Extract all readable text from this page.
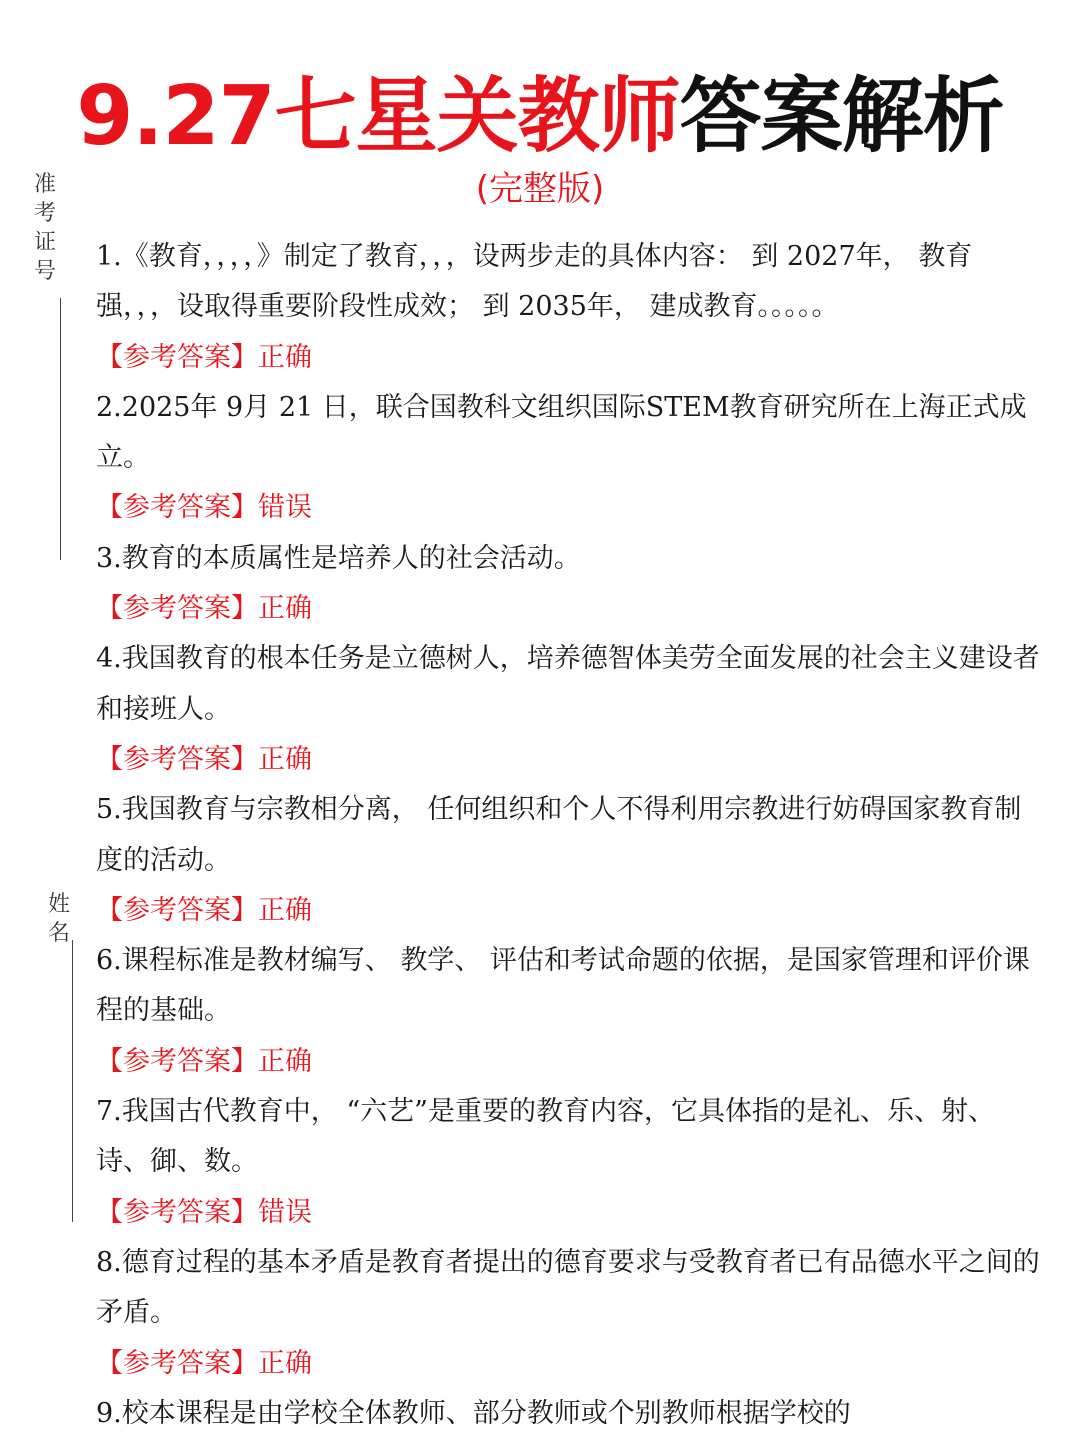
9.27七星关教师答案解析
(完整版)
准
考
证
号
姓
名

1.《教育，，，，》制定了教育，，，设两步走的具体内容： 到 2027年， 教育强，，，设取得重要阶段性成效； 到 2035年， 建成教育。。。。。

【参考答案】正确

2.2025年 9月 21 日，联合国教科文组织国际STEM教育研究所在上海正式成立。

【参考答案】错误

3.教育的本质属性是培养人的社会活动。

【参考答案】正确

4.我国教育的根本任务是立德树人，培养德智体美劳全面发展的社会主义建设者和接班人。

【参考答案】正确

5.我国教育与宗教相分离， 任何组织和个人不得利用宗教进行妨碍国家教育制度的活动。

【参考答案】正确

6.课程标准是教材编写、 教学、 评估和考试命题的依据，是国家管理和评价课程的基础。

【参考答案】正确

7.我国古代教育中， “六艺”是重要的教育内容，它具体指的是礼、乐、射、诗、御、数。

【参考答案】错误

8.德育过程的基本矛盾是教育者提出的德育要求与受教育者已有品德水平之间的矛盾。

【参考答案】正确

9.校本课程是由学校全体教师、部分教师或个别教师根据学校的
